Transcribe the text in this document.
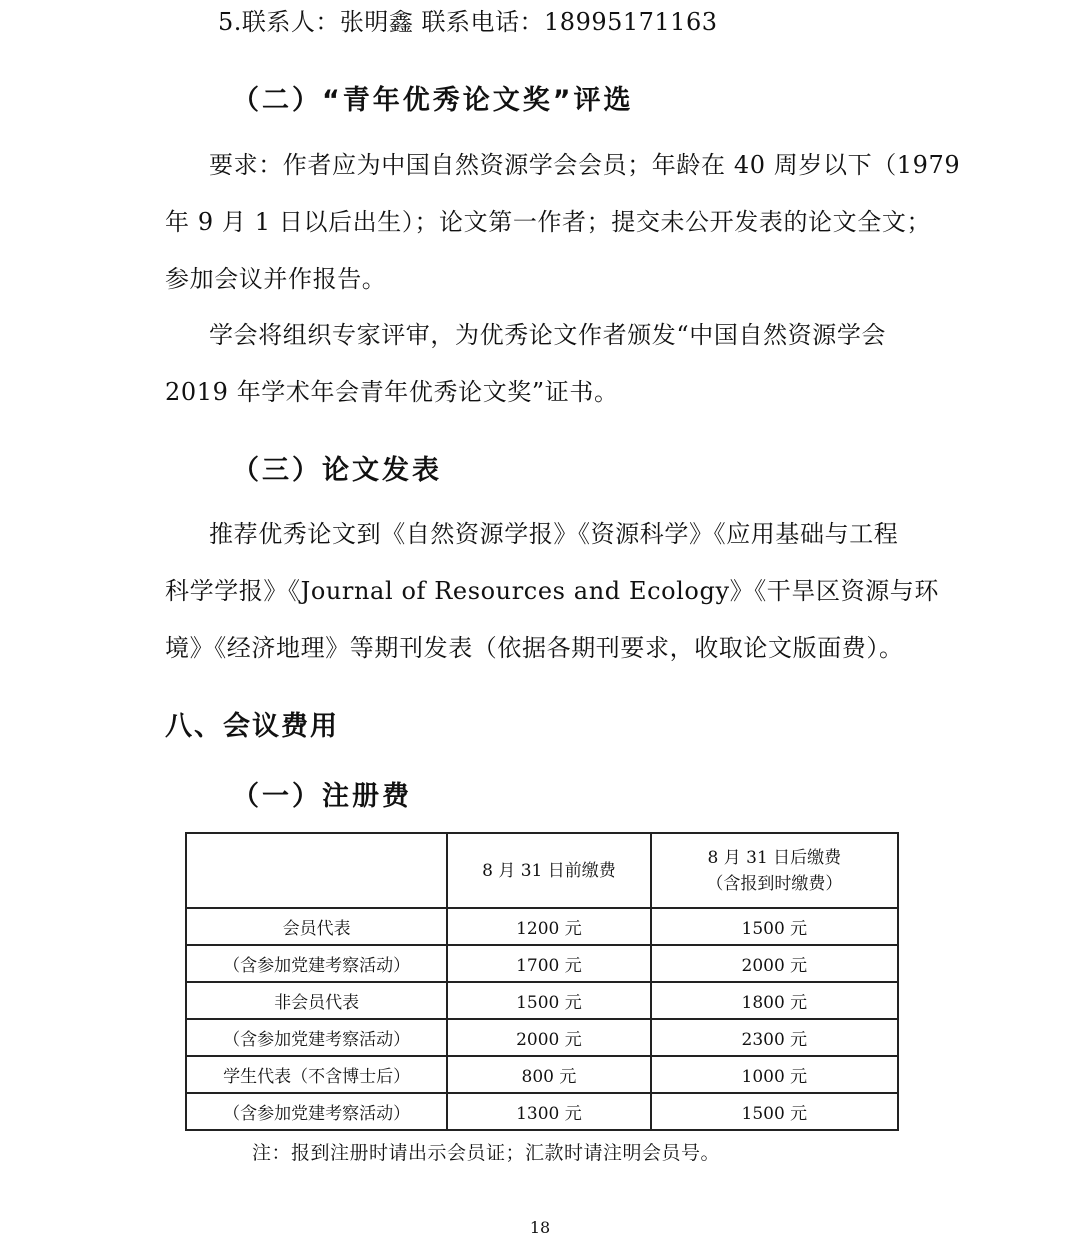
5.联系人：张明鑫 联系电话：18995171163
（二）“青年优秀论文奖”评选
要求：作者应为中国自然资源学会会员；年龄在 40 周岁以下（1979
年 9 月 1 日以后出生）；论文第一作者；提交未公开发表的论文全文；
参加会议并作报告。
学会将组织专家评审，为优秀论文作者颁发“中国自然资源学会
2019 年学术年会青年优秀论文奖”证书。
（三）论文发表
推荐优秀论文到《自然资源学报》《资源科学》《应用基础与工程
科学学报》《Journal of Resources and Ecology》《干旱区资源与环
境》《经济地理》等期刊发表（依据各期刊要求，收取论文版面费）。
八、会议费用
（一）注册费
	8 月 31 日前缴费	8 月 31 日后缴费
（含报到时缴费）

会员代表	1200 元	1500 元
（含参加党建考察活动）	1700 元	2000 元
非会员代表	1500 元	1800 元
（含参加党建考察活动）	2000 元	2300 元
学生代表（不含博士后）	800 元	1000 元
（含参加党建考察活动）	1300 元	1500 元
注：报到注册时请出示会员证；汇款时请注明会员号。
18
